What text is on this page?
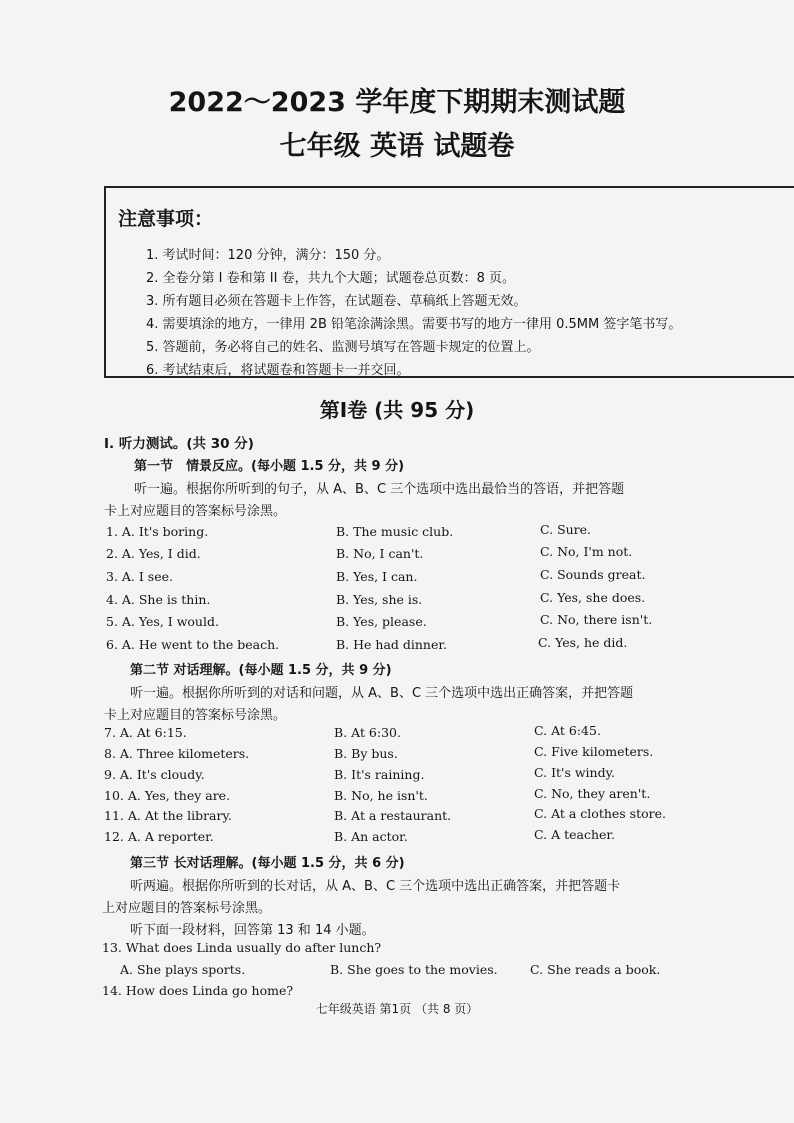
2022～2023 学年度下期期末测试题
七年级 英语 试题卷
注意事项：
1. 考试时间：120 分钟，满分：150 分。
2. 全卷分第 I 卷和第 II 卷，共九个大题；试题卷总页数：8 页。
3. 所有题目必须在答题卡上作答，在试题卷、草稿纸上答题无效。
4. 需要填涂的地方，一律用 2B 铅笔涂满涂黑。需要书写的地方一律用 0.5MM 签字笔书写。
5. 答题前，务必将自己的姓名、监测号填写在答题卡规定的位置上。
6. 考试结束后，将试题卷和答题卡一并交回。
第Ⅰ卷 (共 95 分)
I. 听力测试。(共 30 分)
第一节　情景反应。(每小题 1.5 分，共 9 分)
听一遍。根据你所听到的句子，从 A、B、C 三个选项中选出最恰当的答语，并把答题
卡上对应题目的答案标号涂黑。
1. A. It's boring.	B. The music club.	C. Sure.
2. A. Yes, I did.	B. No, I can't.	C. No, I'm not.
3. A. I see.	B. Yes, I can.	C. Sounds great.
4. A. She is thin.	B. Yes, she is.	C. Yes, she does.
5. A. Yes, I would.	B. Yes, please.	C. No, there isn't.
6. A. He went to the beach.	B. He had dinner.	C. Yes, he did.
第二节 对话理解。(每小题 1.5 分，共 9 分)
听一遍。根据你所听到的对话和问题，从 A、B、C 三个选项中选出正确答案，并把答题
卡上对应题目的答案标号涂黑。
7. A. At 6:15.	B. At 6:30.	C. At 6:45.
8. A. Three kilometers.	B. By bus.	C. Five kilometers.
9. A. It's cloudy.	B. It's raining.	C. It's windy.
10. A. Yes, they are.	B. No, he isn't.	C. No, they aren't.
11. A. At the library.	B. At a restaurant.	C. At a clothes store.
12. A. A reporter.	B. An actor.	C. A teacher.
第三节 长对话理解。(每小题 1.5 分，共 6 分)
听两遍。根据你所听到的长对话，从 A、B、C 三个选项中选出正确答案，并把答题卡
上对应题目的答案标号涂黑。
听下面一段材料，回答第 13 和 14 小题。
13. What does Linda usually do after lunch?
A. She plays sports.	B. She goes to the movies.	C. She reads a book.
14. How does Linda go home?
七年级英语 第1页 （共 8 页）
